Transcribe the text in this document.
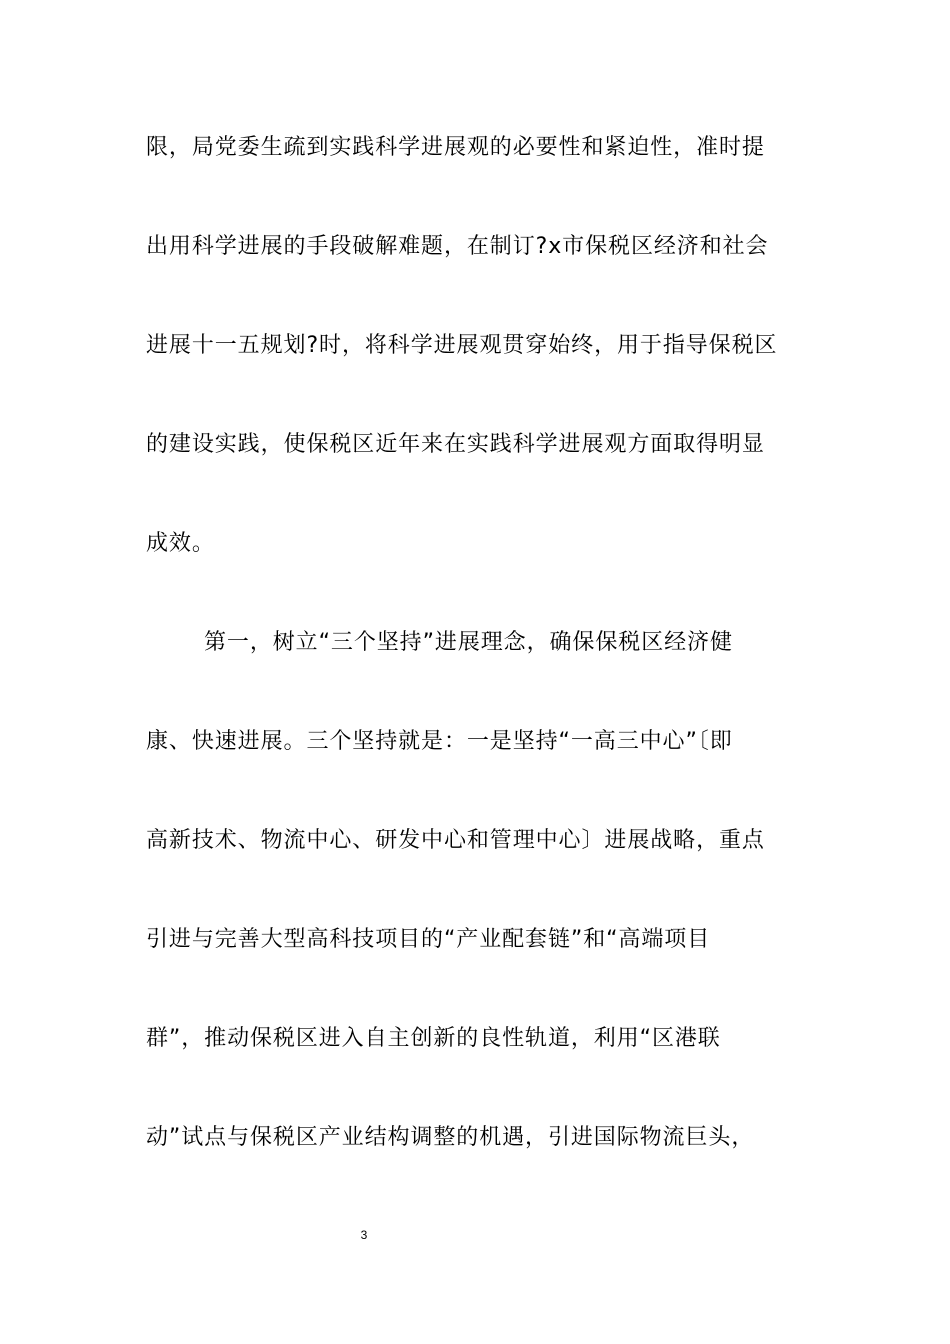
限，局党委生疏到实践科学进展观的必要性和紧迫性，准时提

出用科学进展的手段破解难题，在制订?x市保税区经济和社会

进展十一五规划?时，将科学进展观贯穿始终，用于指导保税区

的建设实践，使保税区近年来在实践科学进展观方面取得明显

成效。

第一，树立“三个坚持”进展理念，确保保税区经济健

康、快速进展。三个坚持就是：一是坚持“一高三中心”〔即

高新技术、物流中心、研发中心和管理中心〕进展战略，重点

引进与完善大型高科技项目的“产业配套链”和“高端项目

群”，推动保税区进入自主创新的良性轨道，利用“区港联

动”试点与保税区产业结构调整的机遇，引进国际物流巨头，

3
